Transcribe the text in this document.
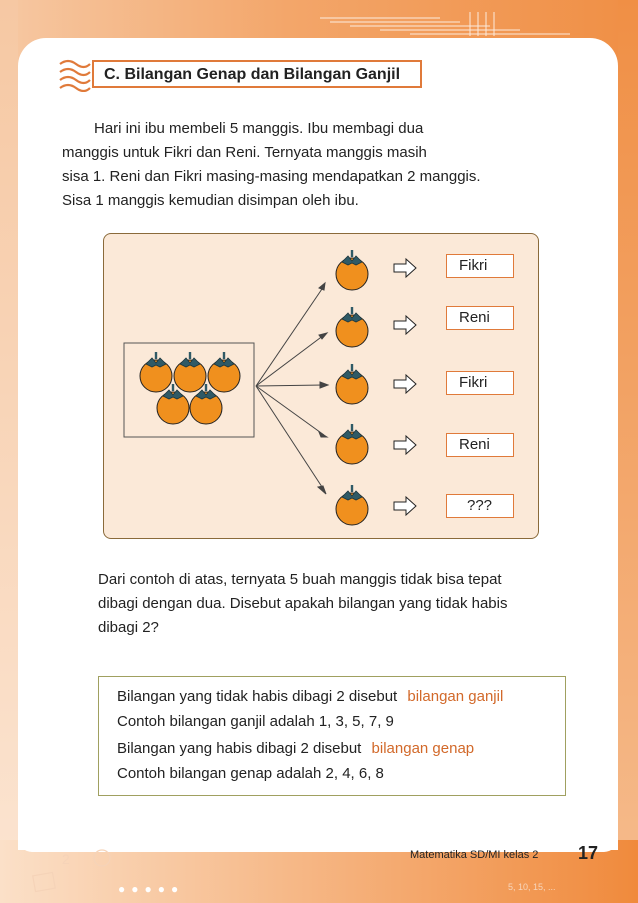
C. Bilangan Genap dan Bilangan Ganjil

Hari ini ibu membeli 5 manggis. Ibu membagi dua

manggis untuk Fikri dan Reni. Ternyata manggis masih

sisa 1. Reni dan Fikri masing-masing mendapatkan 2 manggis.

Sisa 1 manggis kemudian disimpan oleh ibu.

Fikri
Reni
Fikri
Reni
???

Dari contoh di atas, ternyata 5 buah manggis tidak bisa tepat

dibagi dengan dua. Disebut apakah bilangan yang tidak habis

dibagi 2?

Bilangan yang tidak habis dibagi 2 disebut bilangan ganjil
Contoh bilangan ganjil adalah 1, 3, 5, 7, 9
Bilangan yang habis dibagi 2 disebut bilangan genap
Contoh bilangan genap adalah 2, 4, 6, 8
Matematika SD/MI kelas 2 17
5, 10, 15, ...
●●●●●
2
